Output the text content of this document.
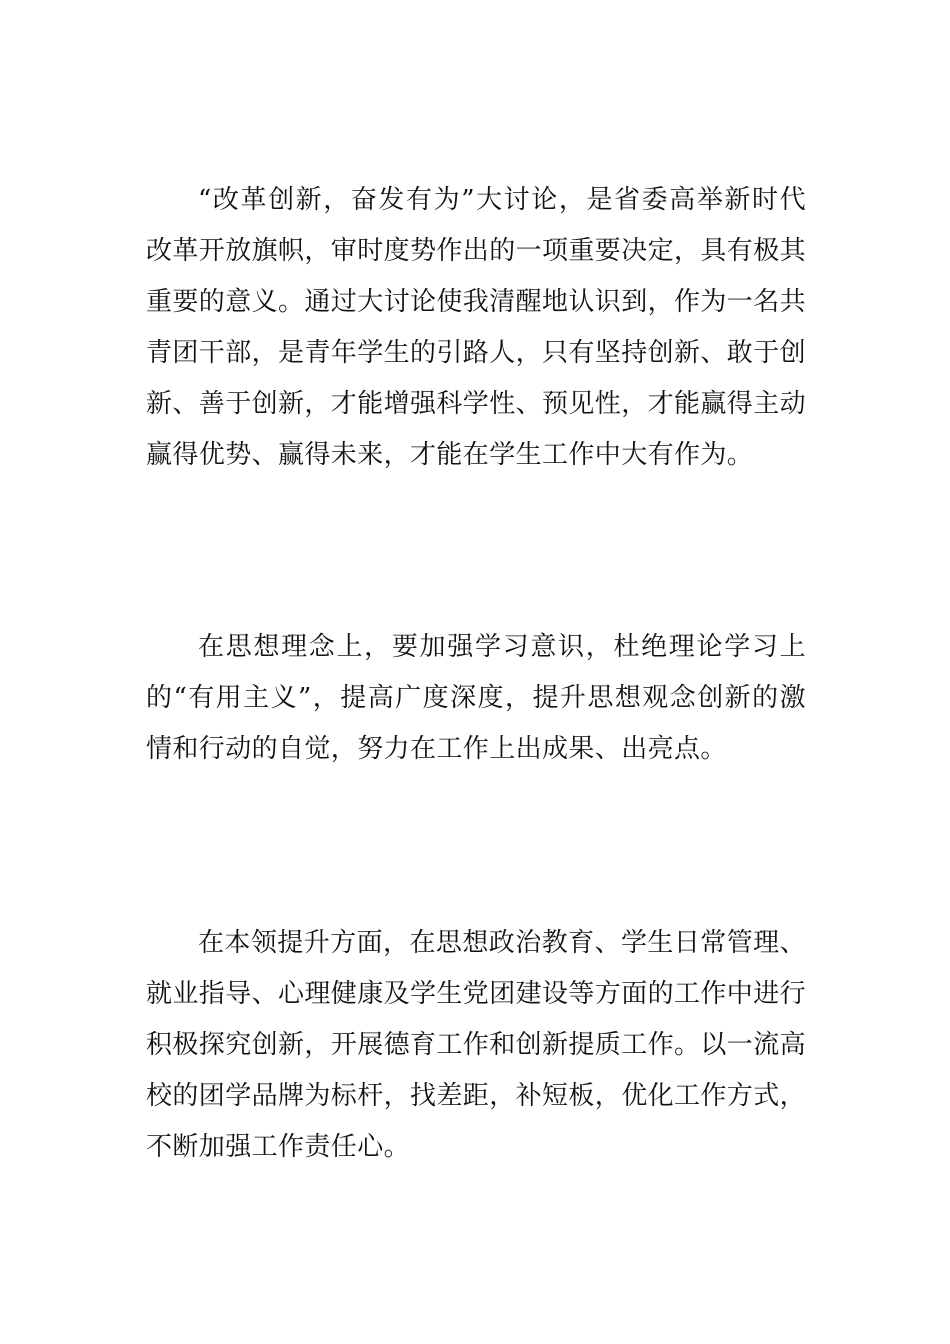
“改革创新，奋发有为”大讨论，是省委高举新时代改革开放旗帜，审时度势作出的一项重要决定，具有极其重要的意义。通过大讨论使我清醒地认识到，作为一名共青团干部，是青年学生的引路人，只有坚持创新、敢于创新、善于创新，才能增强科学性、预见性，才能赢得主动赢得优势、赢得未来，才能在学生工作中大有作为。

在思想理念上，要加强学习意识，杜绝理论学习上的“有用主义”，提高广度深度，提升思想观念创新的激情和行动的自觉，努力在工作上出成果、出亮点。

在本领提升方面，在思想政治教育、学生日常管理、就业指导、心理健康及学生党团建设等方面的工作中进行积极探究创新，开展德育工作和创新提质工作。以一流高校的团学品牌为标杆，找差距，补短板，优化工作方式，不断加强工作责任心。
